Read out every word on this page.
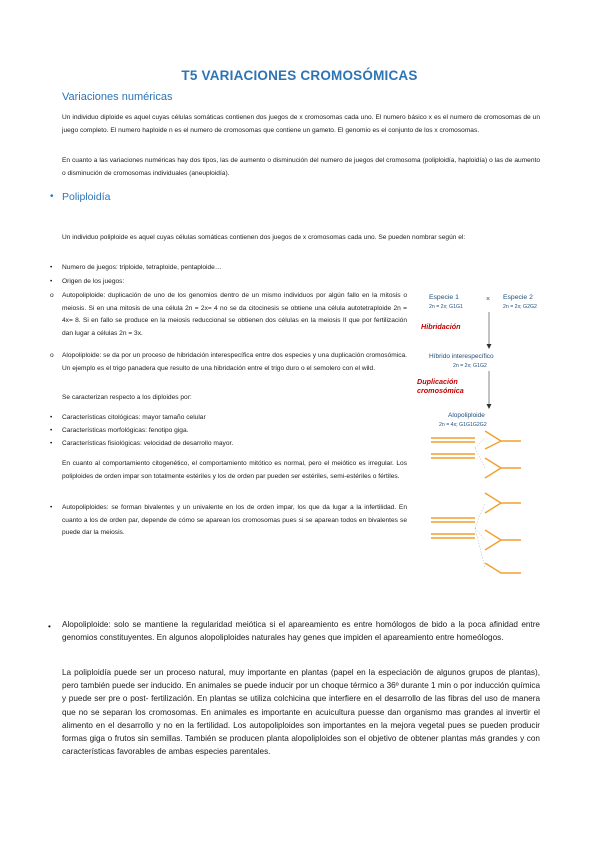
T5 VARIACIONES CROMOSÓMICAS
Variaciones numéricas
Un individuo diploide es aquel cuyas células somáticas contienen dos juegos de x cromosomas cada uno. El numero básico x es el numero de cromosomas de un juego completo. El numero haploide n es el numero de cromosomas que contiene un gameto. El genomio es el conjunto de los x cromosomas.
En cuanto a las variaciones numéricas hay dos tipos, las de aumento o disminución del numero de juegos del cromosoma (poliploidía, haploidía) o las de aumento o disminución de cromosomas individuales (aneuploidía).
• Poliploidía
Un individuo poliploide es aquel cuyas células somáticas contienen dos juegos de x cromosomas cada uno. Se pueden nombrar según el:
• Numero de juegos: triploide, tetraploide, pentaploide…
• Origen de los juegos:
o Autopoliploide: duplicación de uno de los genomios dentro de un mismo individuos por algún fallo en la mitosis o meiosis. Si en una mitosis de una célula 2n = 2x= 4 no se da citocinesis se obtiene una célula autotetraploide 2n = 4x= 8. Si en fallo se produce en la meiosis reduccional se obtienen dos células en la meiosis II que por fertilización dan lugar a células 2n = 3x.
o Alopoliploide: se da por un proceso de hibridación interespecífica entre dos especies y una duplicación cromosómica. Un ejemplo es el trigo panadera que resulto de una hibridación entre el trigo duro o el semolero con el wild.
Se caracterizan respecto a los diploides por:
• Características citológicas: mayor tamaño celular
• Características morfológicas: fenotipo giga.
• Características fisiológicas: velocidad de desarrollo mayor.
En cuanto al comportamiento citogenético, el comportamiento mitótico es normal, pero el meiótico es irregular. Los poliploides de orden impar son totalmente estériles y los de orden par pueden ser estériles, semi-estériles o fértiles.
• Autopoliploides: se forman bivalentes y un univalente en los de orden impar, los que da lugar a la infertilidad. En cuanto a los de orden par, depende de cómo se aparean los cromosomas pues si se aparean todos en bivalentes se puede dar la meiosis.
• Alopoliploide: solo se mantiene la regularidad meiótica si el apareamiento es entre homólogos de bido a la poca afinidad entre genomios constituyentes. En algunos alopoliploides naturales hay genes que impiden el apareamiento entre homeólogos.
La poliploidía puede ser un proceso natural, muy importante en plantas (papel en la especiación de algunos grupos de plantas), pero también puede ser inducido. En animales se puede inducir por un choque térmico a 36º durante 1 min o por inducción química y puede ser pre o post- fertilización. En plantas se utiliza colchicina que interfiere en el desarrollo de las fibras del uso de manera que no se separan los cromosomas. En animales es importante en acuicultura puesse dan organismo mas grandes al invertir el alimento en el desarrollo y no en la fertilidad. Los autopoliploides son importantes en la mejora vegetal pues se pueden producir formas giga o frutos sin semillas. También se producen planta alopoliploides son el objetivo de obtener plantas más grandes y con características favorables de ambas especies parentales.
Especie 1
2n = 2x; G1G1
× Especie 2
2n = 2x; G2G2
Hibridación
Híbrido interespecífico
2n = 2x; G1G2
Duplicación
cromosómica
Alopoliploide
2n = 4x; G1G1G2G2
